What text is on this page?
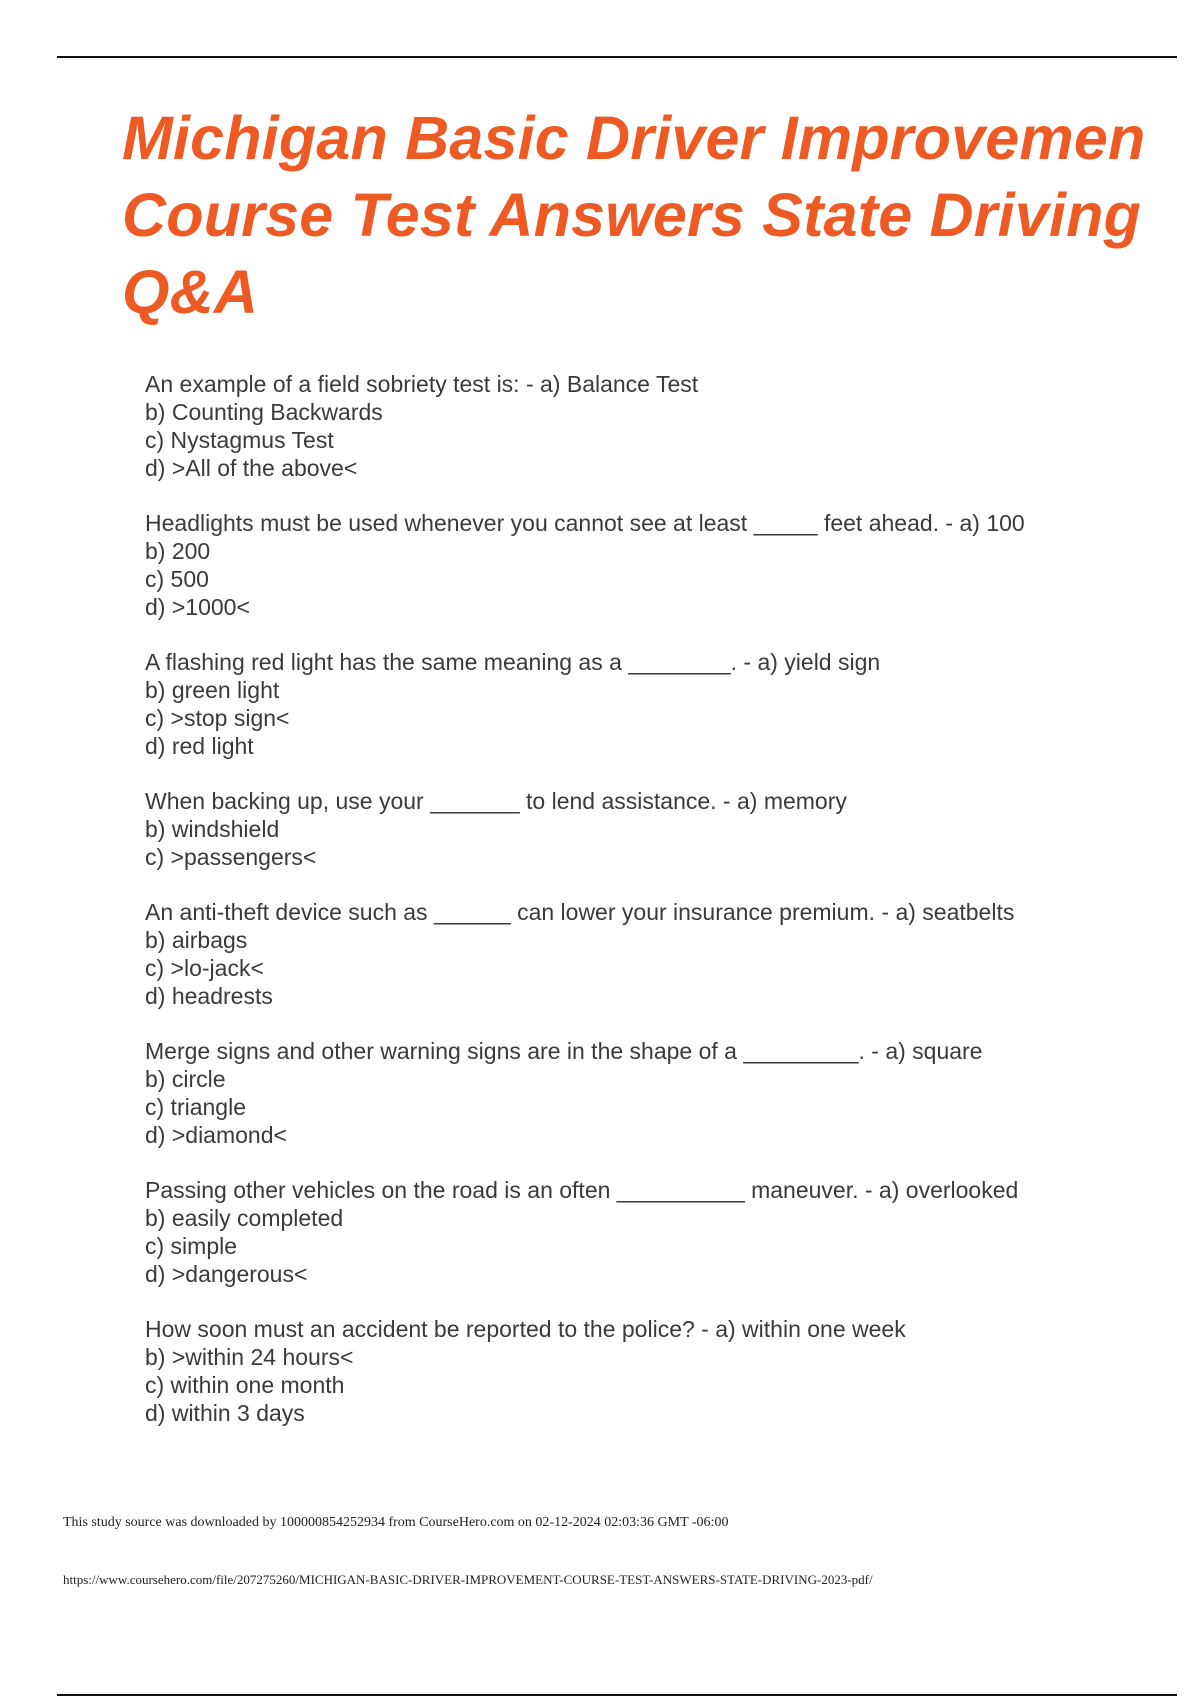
Michigan Basic Driver Improvemen
Course Test Answers State Driving
Q&A
An example of a field sobriety test is: - a) Balance Test
b) Counting Backwards
c) Nystagmus Test
d) >All of the above<
Headlights must be used whenever you cannot see at least _____ feet ahead. - a) 100
b) 200
c) 500
d) >1000<
A flashing red light has the same meaning as a ________. - a) yield sign
b) green light
c) >stop sign<
d) red light
When backing up, use your _______ to lend assistance. - a) memory
b) windshield
c) >passengers<
An anti-theft device such as ______ can lower your insurance premium. - a) seatbelts
b) airbags
c) >lo-jack<
d) headrests
Merge signs and other warning signs are in the shape of a _________. - a) square
b) circle
c) triangle
d) >diamond<
Passing other vehicles on the road is an often __________ maneuver. - a) overlooked
b) easily completed
c) simple
d) >dangerous<
How soon must an accident be reported to the police? - a) within one week
b) >within 24 hours<
c) within one month
d) within 3 days
This study source was downloaded by 100000854252934 from CourseHero.com on 02-12-2024 02:03:36 GMT -06:00
https://www.coursehero.com/file/207275260/MICHIGAN-BASIC-DRIVER-IMPROVEMENT-COURSE-TEST-ANSWERS-STATE-DRIVING-2023-pdf/
